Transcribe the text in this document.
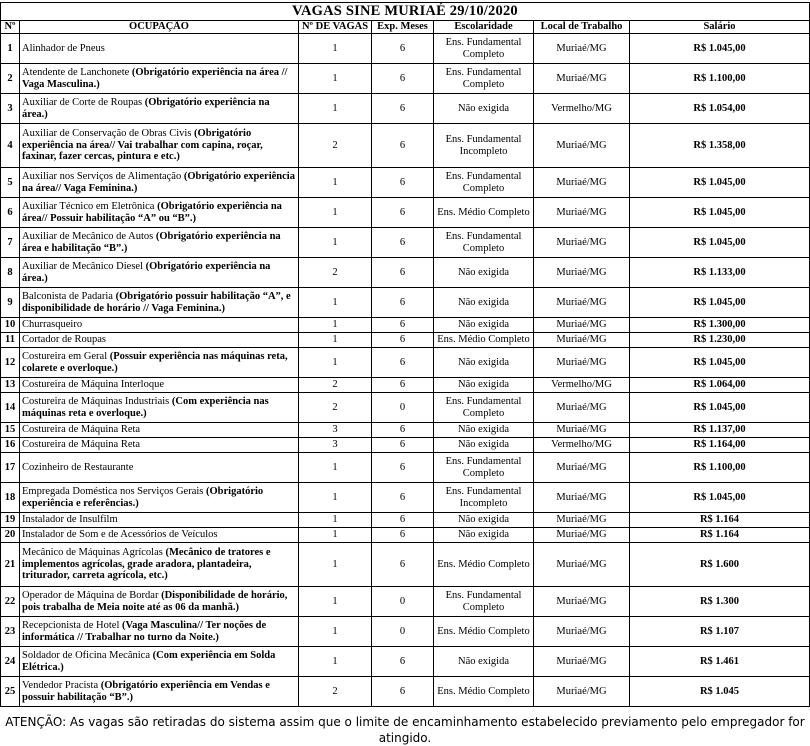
VAGAS SINE MURIAÉ 29/10/2020						
Nº	OCUPAÇÃO	Nº DE VAGAS	Exp. Meses	Escolaridade	Local de Trabalho	Salário
1	Alinhador de Pneus	1	6	Ens. Fundamental Completo	Muriaé/MG	R$ 1.045,00
2	Atendente de Lanchonete (Obrigatório experiência na área // Vaga Masculina.)	1	6	Ens. Fundamental Completo	Muriaé/MG	R$ 1.100,00
3	Auxiliar de Corte de Roupas (Obrigatório experiência na área.)	1	6	Não exigida	Vermelho/MG	R$ 1.054,00
4	Auxiliar de Conservação de Obras Civis (Obrigatório experiência na área// Vai trabalhar com capina, roçar, faxinar, fazer cercas, pintura e etc.)	2	6	Ens. Fundamental Incompleto	Muriaé/MG	R$ 1.358,00
5	Auxiliar nos Serviços de Alimentação (Obrigatório experiência na área// Vaga Feminina.)	1	6	Ens. Fundamental Completo	Muriaé/MG	R$ 1.045,00
6	Auxiliar Técnico em Eletrônica (Obrigatório experiência na área// Possuir habilitação “A” ou “B”.)	1	6	Ens. Médio Completo	Muriaé/MG	R$ 1.045,00
7	Auxiliar de Mecânico de Autos (Obrigatório experiência na área e habilitação “B”.)	1	6	Ens. Fundamental Completo	Muriaé/MG	R$ 1.045,00
8	Auxiliar de Mecânico Diesel (Obrigatório experiência na área.)	2	6	Não exigida	Muriaé/MG	R$ 1.133,00
9	Balconista de Padaria (Obrigatório possuir habilitação “A”, e disponibilidade de horário // Vaga Feminina.)	1	6	Não exigida	Muriaé/MG	R$ 1.045,00
10	Churrasqueiro	1	6	Não exigida	Muriaé/MG	R$ 1.300,00
11	Cortador de Roupas	1	6	Ens. Médio Completo	Muriaé/MG	R$ 1.230,00
12	Costureira em Geral (Possuir experiência nas máquinas reta, colarete e overloque.)	1	6	Não exigida	Muriaé/MG	R$ 1.045,00
13	Costureira de Máquina Interloque	2	6	Não exigida	Vermelho/MG	R$ 1.064,00
14	Costureira de Máquinas Industriais (Com experiência nas máquinas reta e overloque.)	2	0	Ens. Fundamental Completo	Muriaé/MG	R$ 1.045,00
15	Costureira de Máquina Reta	3	6	Não exigida	Muriaé/MG	R$ 1.137,00
16	Costureira de Máquina Reta	3	6	Não exigida	Vermelho/MG	R$ 1.164,00
17	Cozinheiro de Restaurante	1	6	Ens. Fundamental Completo	Muriaé/MG	R$ 1.100,00
18	Empregada Doméstica nos Serviços Gerais (Obrigatório experiência e referências.)	1	6	Ens. Fundamental Incompleto	Muriaé/MG	R$ 1.045,00
19	Instalador de Insulfilm	1	6	Não exigida	Muriaé/MG	R$ 1.164
20	Instalador de Som e de Acessórios de Veículos	1	6	Não exigida	Muriaé/MG	R$ 1.164
21	Mecânico de Máquinas Agrícolas (Mecânico de tratores e implementos agrícolas, grade aradora, plantadeira, triturador, carreta agrícola, etc.)	1	6	Ens. Médio Completo	Muriaé/MG	R$ 1.600
22	Operador de Máquina de Bordar (Disponibilidade de horário, pois trabalha de Meia noite até as 06 da manhã.)	1	0	Ens. Fundamental Completo	Muriaé/MG	R$ 1.300
23	Recepcionista de Hotel (Vaga Masculina// Ter noções de informática // Trabalhar no turno da Noite.)	1	0	Ens. Médio Completo	Muriaé/MG	R$ 1.107
24	Soldador de Oficina Mecânica (Com experiência em Solda Elétrica.)	1	6	Não exigida	Muriaé/MG	R$ 1.461
25	Vendedor Pracista (Obrigatório experiência em Vendas e possuir habilitação “B”.)	2	6	Ens. Médio Completo	Muriaé/MG	R$ 1.045
ATENÇÃO: As vagas são retiradas do sistema assim que o limite de encaminhamento estabelecido previamento pelo empregador for atingido.
